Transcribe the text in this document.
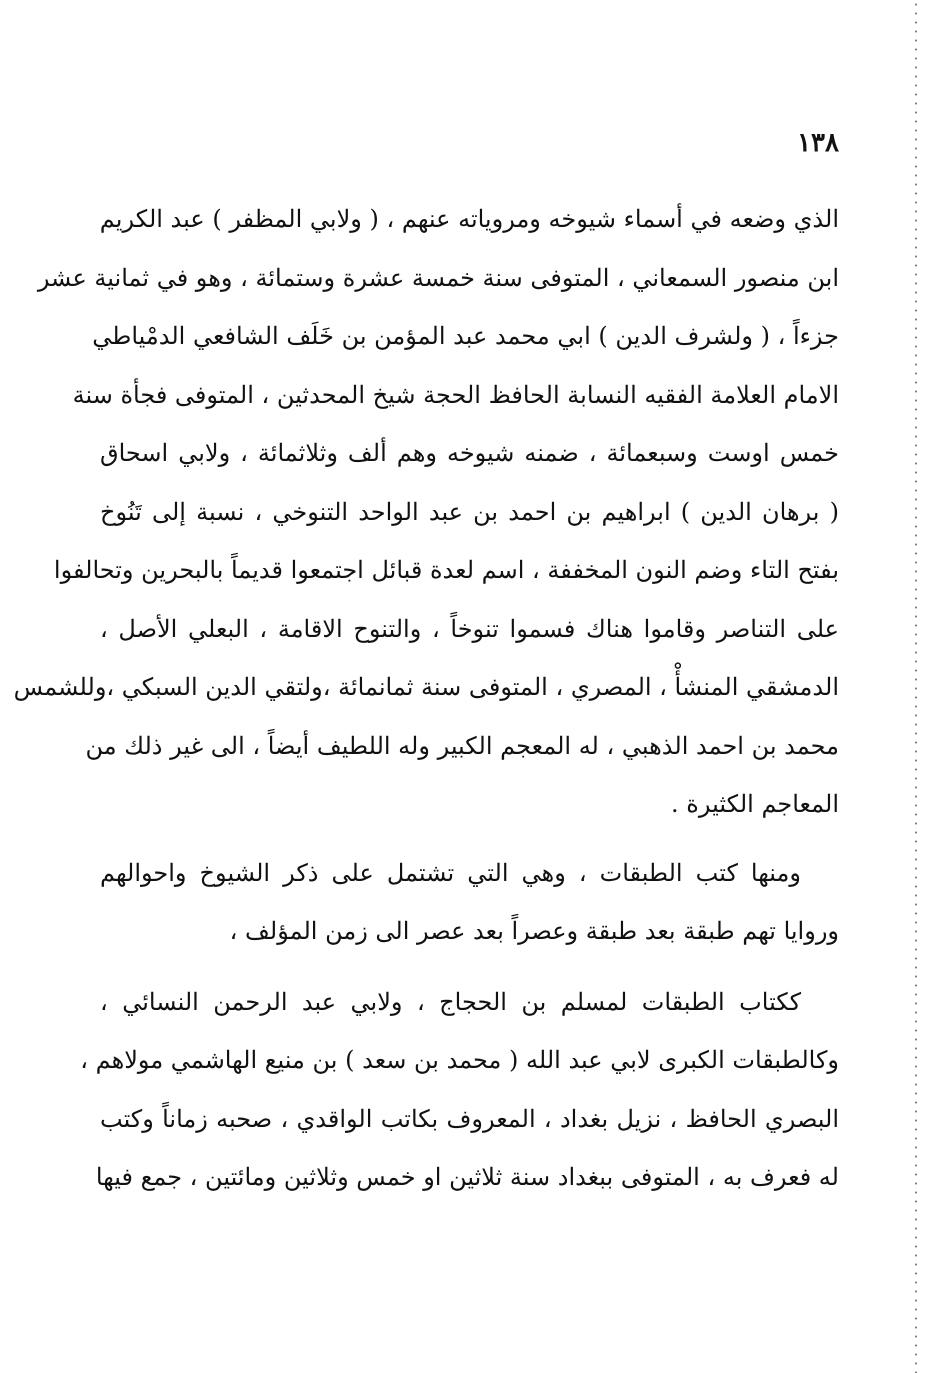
١٣٨
الذي وضعه في أسماء شيوخه ومروياته عنهم ، ( ولابي المظفر ) عبد الكريم
ابن منصور السمعاني ، المتوفى سنة خمسة عشرة وستمائة ، وهو في ثمانية عشر
جزءاً ، ( ولشرف الدين ) ابي محمد عبد المؤمن بن خَلَف الشافعي الدمْياطي
الامام العلامة الفقيه النسابة الحافظ الحجة شيخ المحدثين ، المتوفى فجأة سنة
خمس اوست وسبعمائة ، ضمنه شيوخه وهم ألف وثلاثمائة ، ولابي اسحاق
( برهان الدين ) ابراهيم بن احمد بن عبد الواحد التنوخي ، نسبة إلى تَنُوخ
بفتح التاء وضم النون المخففة ، اسم لعدة قبائل اجتمعوا قديماً بالبحرين وتحالفوا
على التناصر وقاموا هناك فسموا تنوخاً ، والتنوح الاقامة ، البعلي الأصل ،
الدمشقي المنشأْ ، المصري ، المتوفى سنة ثمانمائة ،ولتقي الدين السبكي ،وللشمس
محمد بن احمد الذهبي ، له المعجم الكبير وله اللطيف أيضاً ، الى غير ذلك من
المعاجم الكثيرة .
ومنها كتب الطبقات ، وهي التي تشتمل على ذكر الشيوخ واحوالهم
وروايا تهم طبقة بعد طبقة وعصراً بعد عصر الى زمن المؤلف ،
ككتاب الطبقات لمسلم بن الحجاج ، ولابي عبد الرحمن النسائي ،
وكالطبقات الكبرى لابي عبد الله ( محمد بن سعد ) بن منيع الهاشمي مولاهم ،
البصري الحافظ ، نزيل بغداد ، المعروف بكاتب الواقدي ، صحبه زماناً وكتب
له فعرف به ، المتوفى ببغداد سنة ثلاثين او خمس وثلاثين ومائتين ، جمع فيها
